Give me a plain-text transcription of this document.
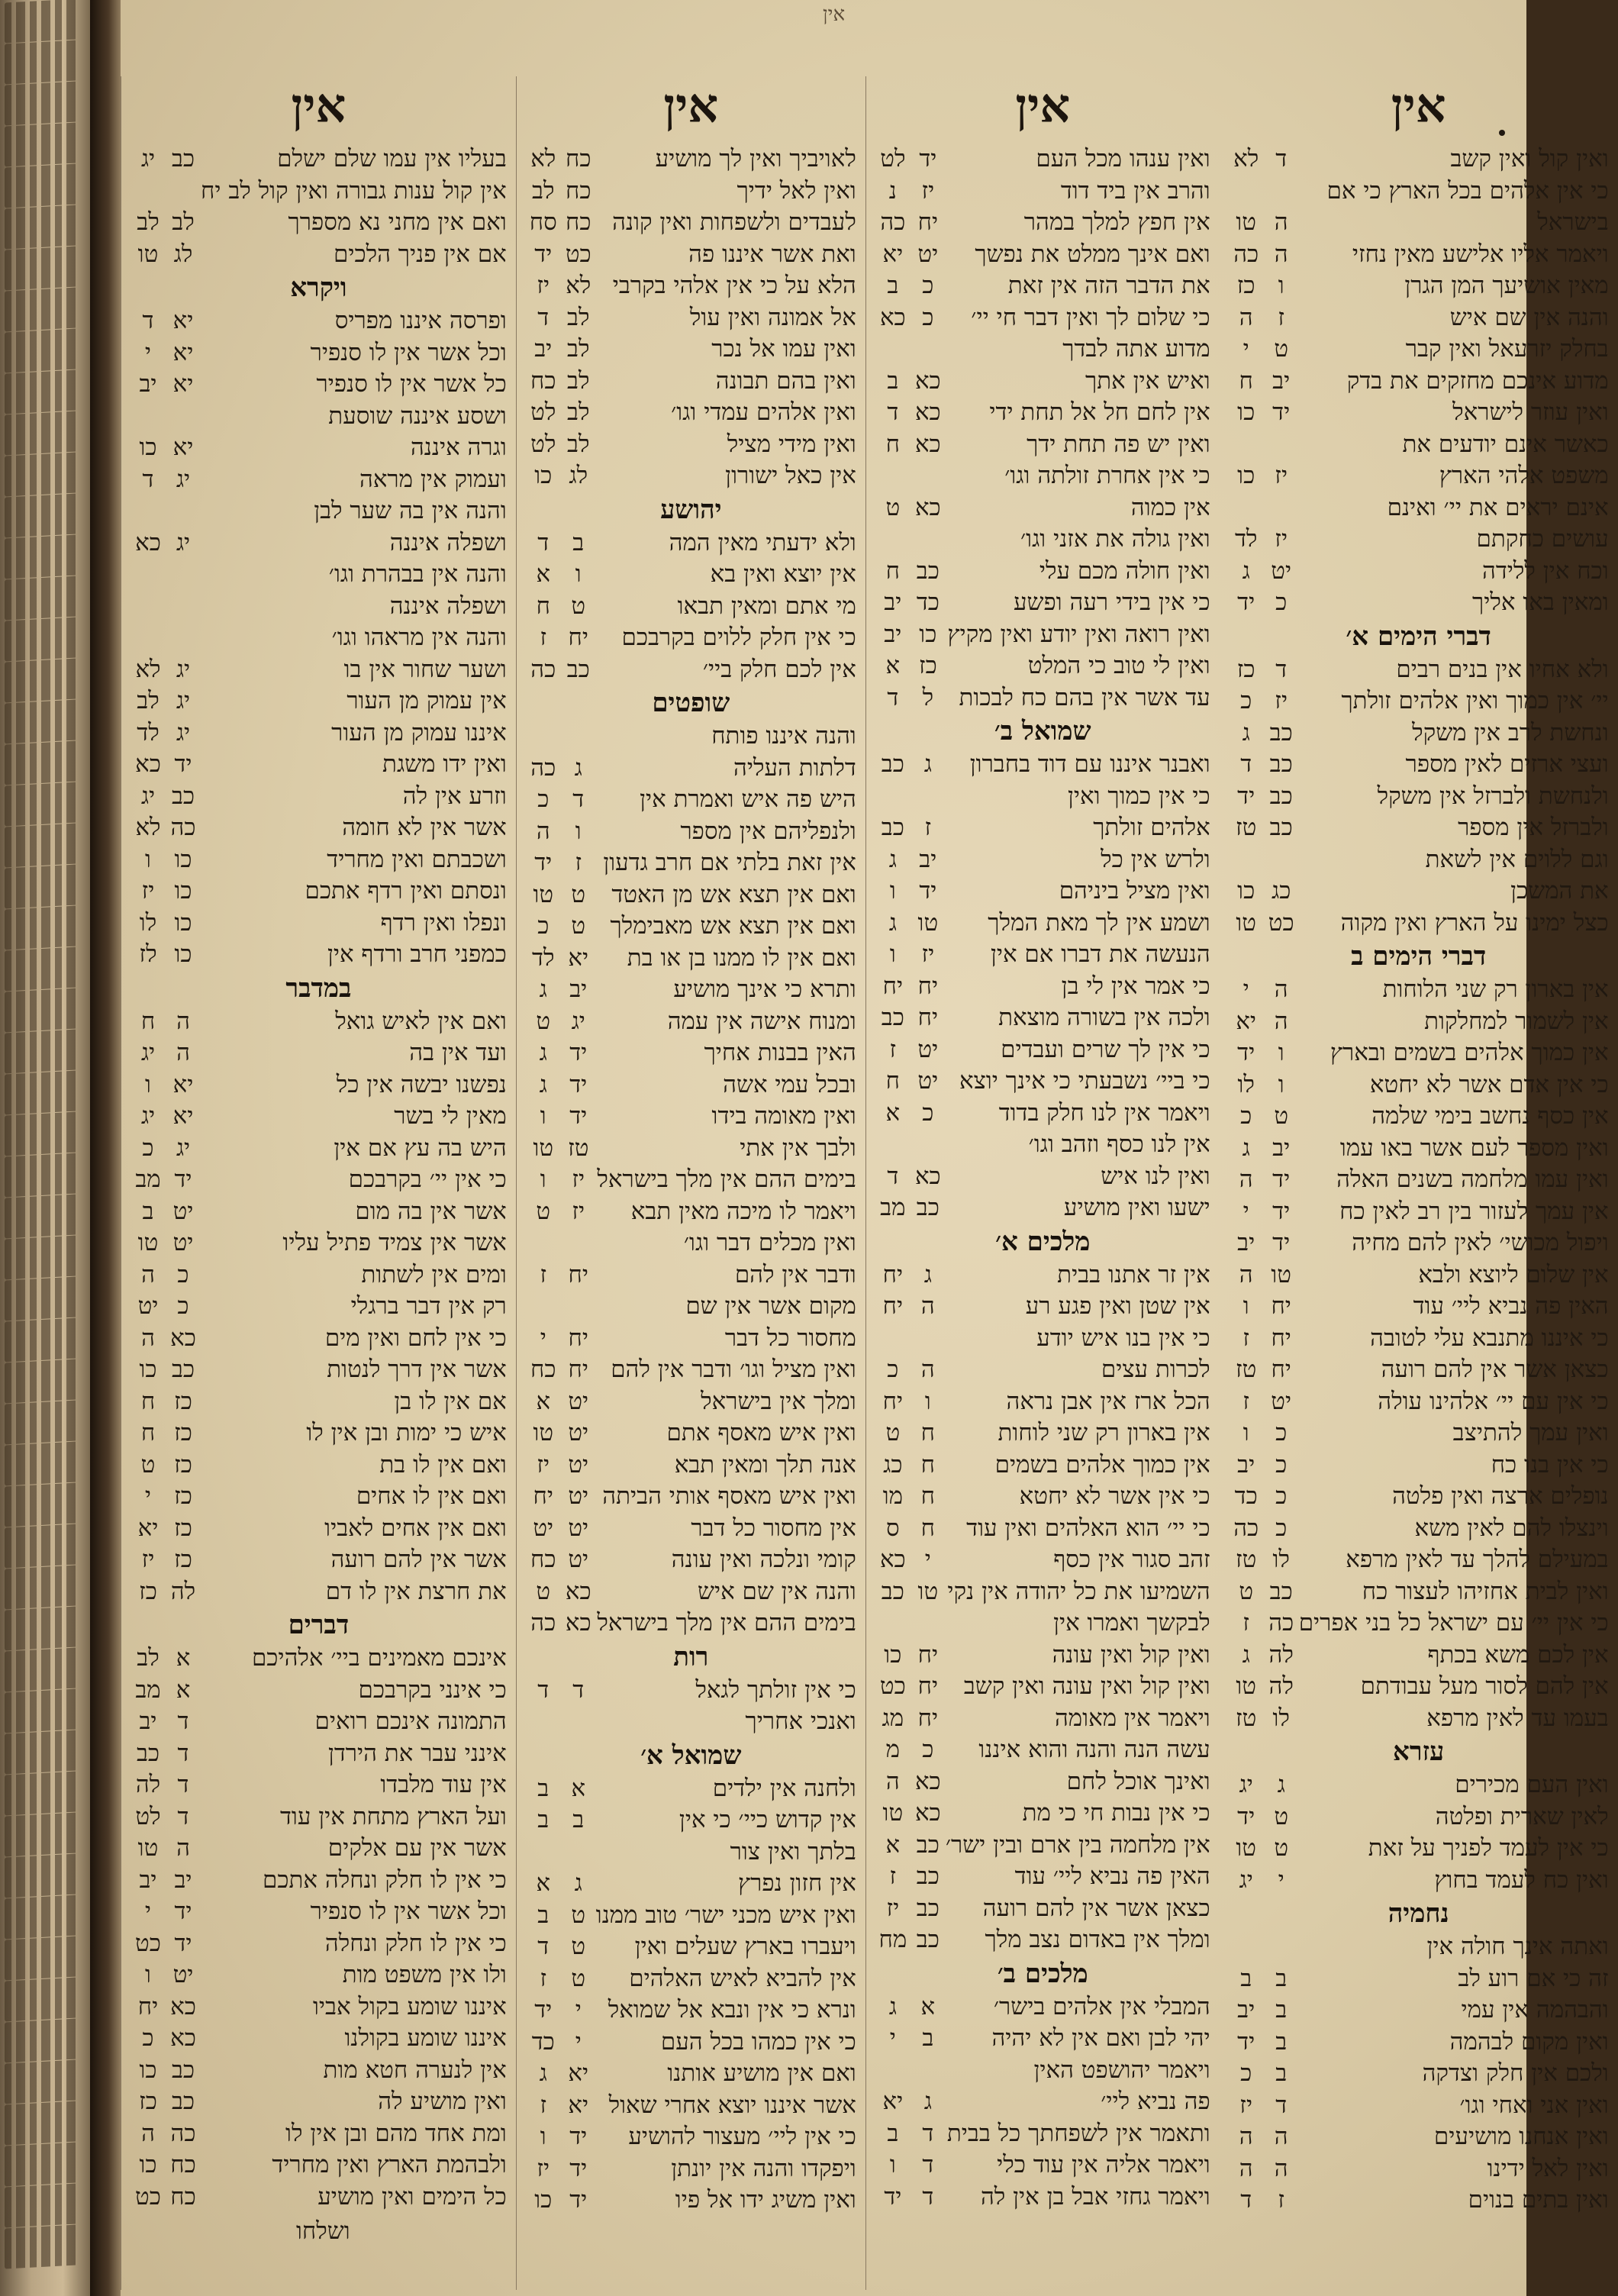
אין
אין
בעליו אין עמו שלם ישלם
כב
יג
אין קול ענות גבורה ואין קול לב יח
ואם אין מחני נא מספרך
לב
לב
אם אין פניך הלכים
לג
טו
ויקרא
ופרסה איננו מפריס
יא
ד
וכל אשר אין לו סנפיר
יא
י
כל אשר אין לו סנפיר
יא
יב
ושסע איננה שוסעת
וגרה איננה
יא
כו
ועמוק אין מראה
יג
ד
והנה אין בה שער לבן
ושפלה איננה
יג
כא
והנה אין בבהרת וגו׳
ושפלה איננה
והנה אין מראהו וגו׳
ושער שחור אין בו
יג
לא
אין עמוק מן העור
יג
לב
איננו עמוק מן העור
יג
לד
ואין ידו משגת
יד
כא
וזרע אין לה
כב
יג
אשר אין לא חומה
כה
לא
ושכבתם ואין מחריד
כו
ו
ונסתם ואין רדף אתכם
כו
יז
ונפלו ואין רדף
כו
לו
כמפני חרב ורדף אין
כו
לז
במדבר
ואם אין לאיש גואל
ה
ח
ועד אין בה
ה
יג
נפשנו יבשה אין כל
יא
ו
מאין לי בשר
יא
יג
היש בה עץ אם אין
יג
כ
כי אין יי׳ בקרבכם
יד
מב
אשר אין בה מום
יט
ב
אשר אין צמיד פתיל עליו
יט
טו
ומים אין לשתות
כ
ה
רק אין דבר ברגלי
כ
יט
כי אין לחם ואין מים
כא
ה
אשר אין דרך לנטות
כב
כו
אם אין לו בן
כז
ח
איש כי ימות ובן אין לו
כז
ח
ואם אין לו בת
כז
ט
ואם אין לו אחים
כז
י
ואם אין אחים לאביו
כז
יא
אשר אין להם רועה
כז
יז
את חרצת אין לו דם
לה
כז
דברים
אינכם מאמינים ביי׳ אלהיכם
א
לב
כי אינני בקרבכם
א
מב
התמונה אינכם רואים
ד
יב
אינני עבר את הירדן
ד
כב
אין עוד מלבדו
ד
לה
ועל הארץ מתחת אין עוד
ד
לט
אשר אין עם אלקים
ה
טו
כי אין לו חלק ונחלה אתכם
יב
יב
וכל אשר אין לו סנפיר
יד
י
כי אין לו חלק ונחלה
יד
כט
ולו אין משפט מות
יט
ו
איננו שומע בקול אביו
כא
יח
איננו שומע בקולנו
כא
כ
אין לנערה חטא מות
כב
כו
ואין מושיע לה
כב
כז
ומת אחד מהם ובן אין לו
כה
ה
ולבהמת הארץ ואין מחריד
כח
כו
כל הימים ואין מושיע
כח
כט
אין
לאויביך ואין לך מושיע
כח
לא
ואין לאל ידיך
כח
לב
לעבדים ולשפחות ואין קונה
כח
סח
ואת אשר איננו פה
כט
יד
הלא על כי אין אלהי בקרבי
לא
יז
אל אמונה ואין עול
לב
ד
ואין עמו אל נכר
לב
יב
ואין בהם תבונה
לב
כח
ואין אלהים עמדי וגו׳
לב
לט
ואין מידי מציל
לב
לט
אין כאל ישורון
לג
כו
יהושע
ולא ידעתי מאין המה
ב
ד
אין יוצא ואין בא
ו
א
מי אתם ומאין תבאו
ט
ח
כי אין חלק ללוים בקרבכם
יח
ז
אין לכם חלק ביי׳
כב
כה
שופטים
והנה איננו פותח
דלתות העליה
ג
כה
היש פה איש ואמרת אין
ד
כ
ולנפליהם אין מספר
ו
ה
אין זאת בלתי אם חרב גדעון
ז
יד
ואם אין תצא אש מן האטד
ט
טו
ואם אין תצא אש מאבימלך
ט
כ
ואם אין לו ממנו בן או בת
יא
לד
ותרא כי אינך מושיע
יב
ג
ומנוח אישה אין עמה
יג
ט
האין בבנות אחיך
יד
ג
ובכל עמי אשה
יד
ג
ואין מאומה בידו
יד
ו
ולבך אין אתי
טז
טו
בימים ההם אין מלך בישראל
יז
ו
ויאמר לו מיכה מאין תבא
יז
ט
ואין מכלים דבר וגו׳
ודבר אין להם
יח
ז
מקום אשר אין שם
מחסור כל דבר
יח
י
ואין מציל וגו׳ ודבר אין להם
יח
כח
ומלך אין בישראל
יט
א
ואין איש מאסף אתם
יט
טו
אנה תלך ומאין תבא
יט
יז
ואין איש מאסף אותי הביתה
יט
יח
אין מחסור כל דבר
יט
יט
קומי ונלכה ואין עונה
יט
כח
והנה אין שם איש
כא
ט
בימים ההם אין מלך בישראל
כא
כה
רות
כי אין זולתך לגאל
ד
ד
ואנכי אחריך
שמואל א׳
ולחנה אין ילדים
א
ב
אין קדוש כיי׳ כי אין
ב
ב
בלתך ואין צור
אין חזון נפרץ
ג
א
ואין איש מכני ישר׳ טוב ממנו
ט
ב
ויעברו בארץ שעלים ואין
ט
ד
אין להביא לאיש האלהים
ט
ז
ונרא כי אין ונבא אל שמואל
י
יד
כי אין כמהו בכל העם
י
כד
ואם אין מושיע אותנו
יא
ג
אשר איננו יוצא אחרי שאול
יא
ז
כי אין ליי׳ מעצור להושיע
יד
ו
ויפקדו והנה אין יונתן
יד
יז
ואין משיג ידו אל פיו
יד
כו
אין
ואין ענהו מכל העם
יד
לט
והרב אין ביד דוד
יז
נ
אין חפץ למלך במהר
יח
כה
ואם אינך ממלט את נפשך
יט
יא
את הדבר הזה אין זאת
כ
ב
כי שלום לך ואין דבר חי יי׳
כ
כא
מדוע אתה לבדך
ואיש אין אתך
כא
ב
אין לחם חל אל תחת ידי
כא
ד
ואין יש פה תחת ידך
כא
ח
כי אין אחרת זולתה וגו׳
אין כמוה
כא
ט
ואין גולה את אזני וגו׳
ואין חולה מכם עלי
כב
ח
כי אין בידי רעה ופשע
כד
יב
ואין רואה ואין יודע ואין מקיץ
כו
יב
ואין לי טוב כי המלט
כז
א
עד אשר אין בהם כח לבכות
ל
ד
שמואל ב׳
ואבנר איננו עם דוד בחברון
ג
כב
כי אין כמוך ואין
אלהים זולתך
ז
כב
ולרש אין כל
יב
ג
ואין מציל ביניהם
יד
ו
ושמע אין לך מאת המלך
טו
ג
הנעשה את דברו אם אין
יז
ו
כי אמר אין לי בן
יח
יח
ולכה אין בשורה מוצאת
יח
כב
כי אין לך שרים ועבדים
יט
ז
כי ביי׳ נשבעתי כי אינך יוצא
יט
ח
ויאמר אין לנו חלק בדוד
כ
א
אין לנו כסף וזהב וגו׳
ואין לנו איש
כא
ד
ישעו ואין מושיע
כב
מב
מלכים א׳
אין זר אתנו בבית
ג
יח
אין שטן ואין פגע רע
ה
יח
כי אין בנו איש יודע
לכרות עצים
ה
כ
הכל ארז אין אבן נראה
ו
יח
אין בארון רק שני לוחות
ח
ט
אין כמוך אלהים בשמים
ח
כג
כי אין אשר לא יחטא
ח
מו
כי יי׳ הוא האלהים ואין עוד
ח
ס
זהב סגור אין כסף
י
כא
השמיעו את כל יהודה אין נקי
טו
כב
לבקשך ואמרו אין
ואין קול ואין עונה
יח
כו
ואין קול ואין עונה ואין קשב
יח
כט
ויאמר אין מאומה
יח
מג
עשה הנה והנה והוא איננו
כ
מ
ואינך אוכל לחם
כא
ה
כי אין נבות חי כי מת
כא
טו
אין מלחמה בין ארם ובין ישר׳
כב
א
האין פה נביא ליי׳ עוד
כב
ז
כצאן אשר אין להם רועה
כב
יז
ומלך אין באדום נצב מלך
כב
מח
מלכים ב׳
המבלי אין אלהים בישר׳
א
ג
יהי לבן ואם אין לא יהיה
ב
י
ויאמר יהושפט האין
פה נביא ליי׳
ג
יא
ותאמר אין לשפחתך כל בבית
ד
ב
ויאמר אליה אין עוד כלי
ד
ו
ויאמר גחזי אבל בן אין לה
ד
יד
אין
ואין קול ואין קשב
ד
לא
כי אין אלהים בכל הארץ כי אם
בישראל
ה
טו
ויאמר אליו אלישע מאין נחזי
ה
כה
מאין אושיעך המן הגרן
ו
כז
והנה אין שם איש
ז
ה
בחלק יזרעאל ואין קבר
ט
י
מדוע אינכם מחזקים את בדק
יב
ח
ואין עוזר לישראל
יד
כו
כאשר אינם יודעים את
משפט אלהי הארץ
יז
כו
אינם יראים את יי׳ ואינם
עושים כחקתם
יז
לד
וכח אין ללידה
יט
ג
ומאין באו אליך
כ
יד
דברי הימים א׳
ולא אחיו אין בנים רבים
ד
כז
יי׳ אין כמוך ואין אלהים זולתך
יז
כ
ונחשת לרב אין משקל
כב
ג
ועצי ארזים לאין מספר
כב
ד
ולנחשת ולברזל אין משקל
כב
יד
ולברזל אין מספר
כב
טז
וגם ללוים אין לשאת
את המשכן
כג
כו
כצל ימינו על הארץ ואין מקוה
כט
טו
דברי הימים ב
אין בארון רק שני הלוחות
ה
י
אין לשמור למחלקות
ה
יא
אין כמוך אלהים בשמים ובארץ
ו
יד
כי אין אדם אשר לא יחטא
ו
לו
אין כסף נחשב בימי שלמה
ט
כ
ואין מספר לעם אשר באו עמו
יב
ג
ואין עמו מלחמה בשנים האלה
יד
ה
אין עמך לעזור בין רב לאין כח
יד
י
ויפול מכושי׳ לאין להם מחיה
יד
יב
אין שלום ליוצא ולבא
טו
ה
האין פה נביא ליי׳ עוד
יח
ו
כי איננו מתנבא עלי לטובה
יח
ז
כצאן אשר אין להם רועה
יח
טז
כי אין עם יי׳ אלהינו עולה
יט
ז
ואין עמך להתיצב
כ
ו
כי אין בנו כח
כ
יב
נופלים ארצה ואין פלטה
כ
כד
וינצלו להם לאין משא
כ
כה
במעילם להלך עד לאין מרפא
לו
טז
ואין לבית אחזיהו לעצור כח
כב
ט
כי אין יי׳ עם ישראל כל בני אפרים
כה
ז
אין לכם משא בכתף
לה
ג
אין להם לסור מעל עבודתם
לה
טו
בעמו עד לאין מרפא
לו
טז
עזרא
ואין העם מכירים
ג
יג
לאין שארית ופלטה
ט
יד
כי אין לעמד לפניך על זאת
ט
טו
ואין כח לעמד בחוץ
י
יג
נחמיה
ואתה אינך חולה אין
זה כי אם רוע לב
ב
ב
והבהמה אין עמי
ב
יב
ואין מקום לבהמה
ב
יד
ולכם אין חלק וצדקה
ב
כ
ואין אני ואחי וגו׳
ד
יז
ואין אנחנו מושיעים
ה
ה
ואין לאל ידינו
ה
ה
ואין בתים בנוים
ז
ד
ושלחו
